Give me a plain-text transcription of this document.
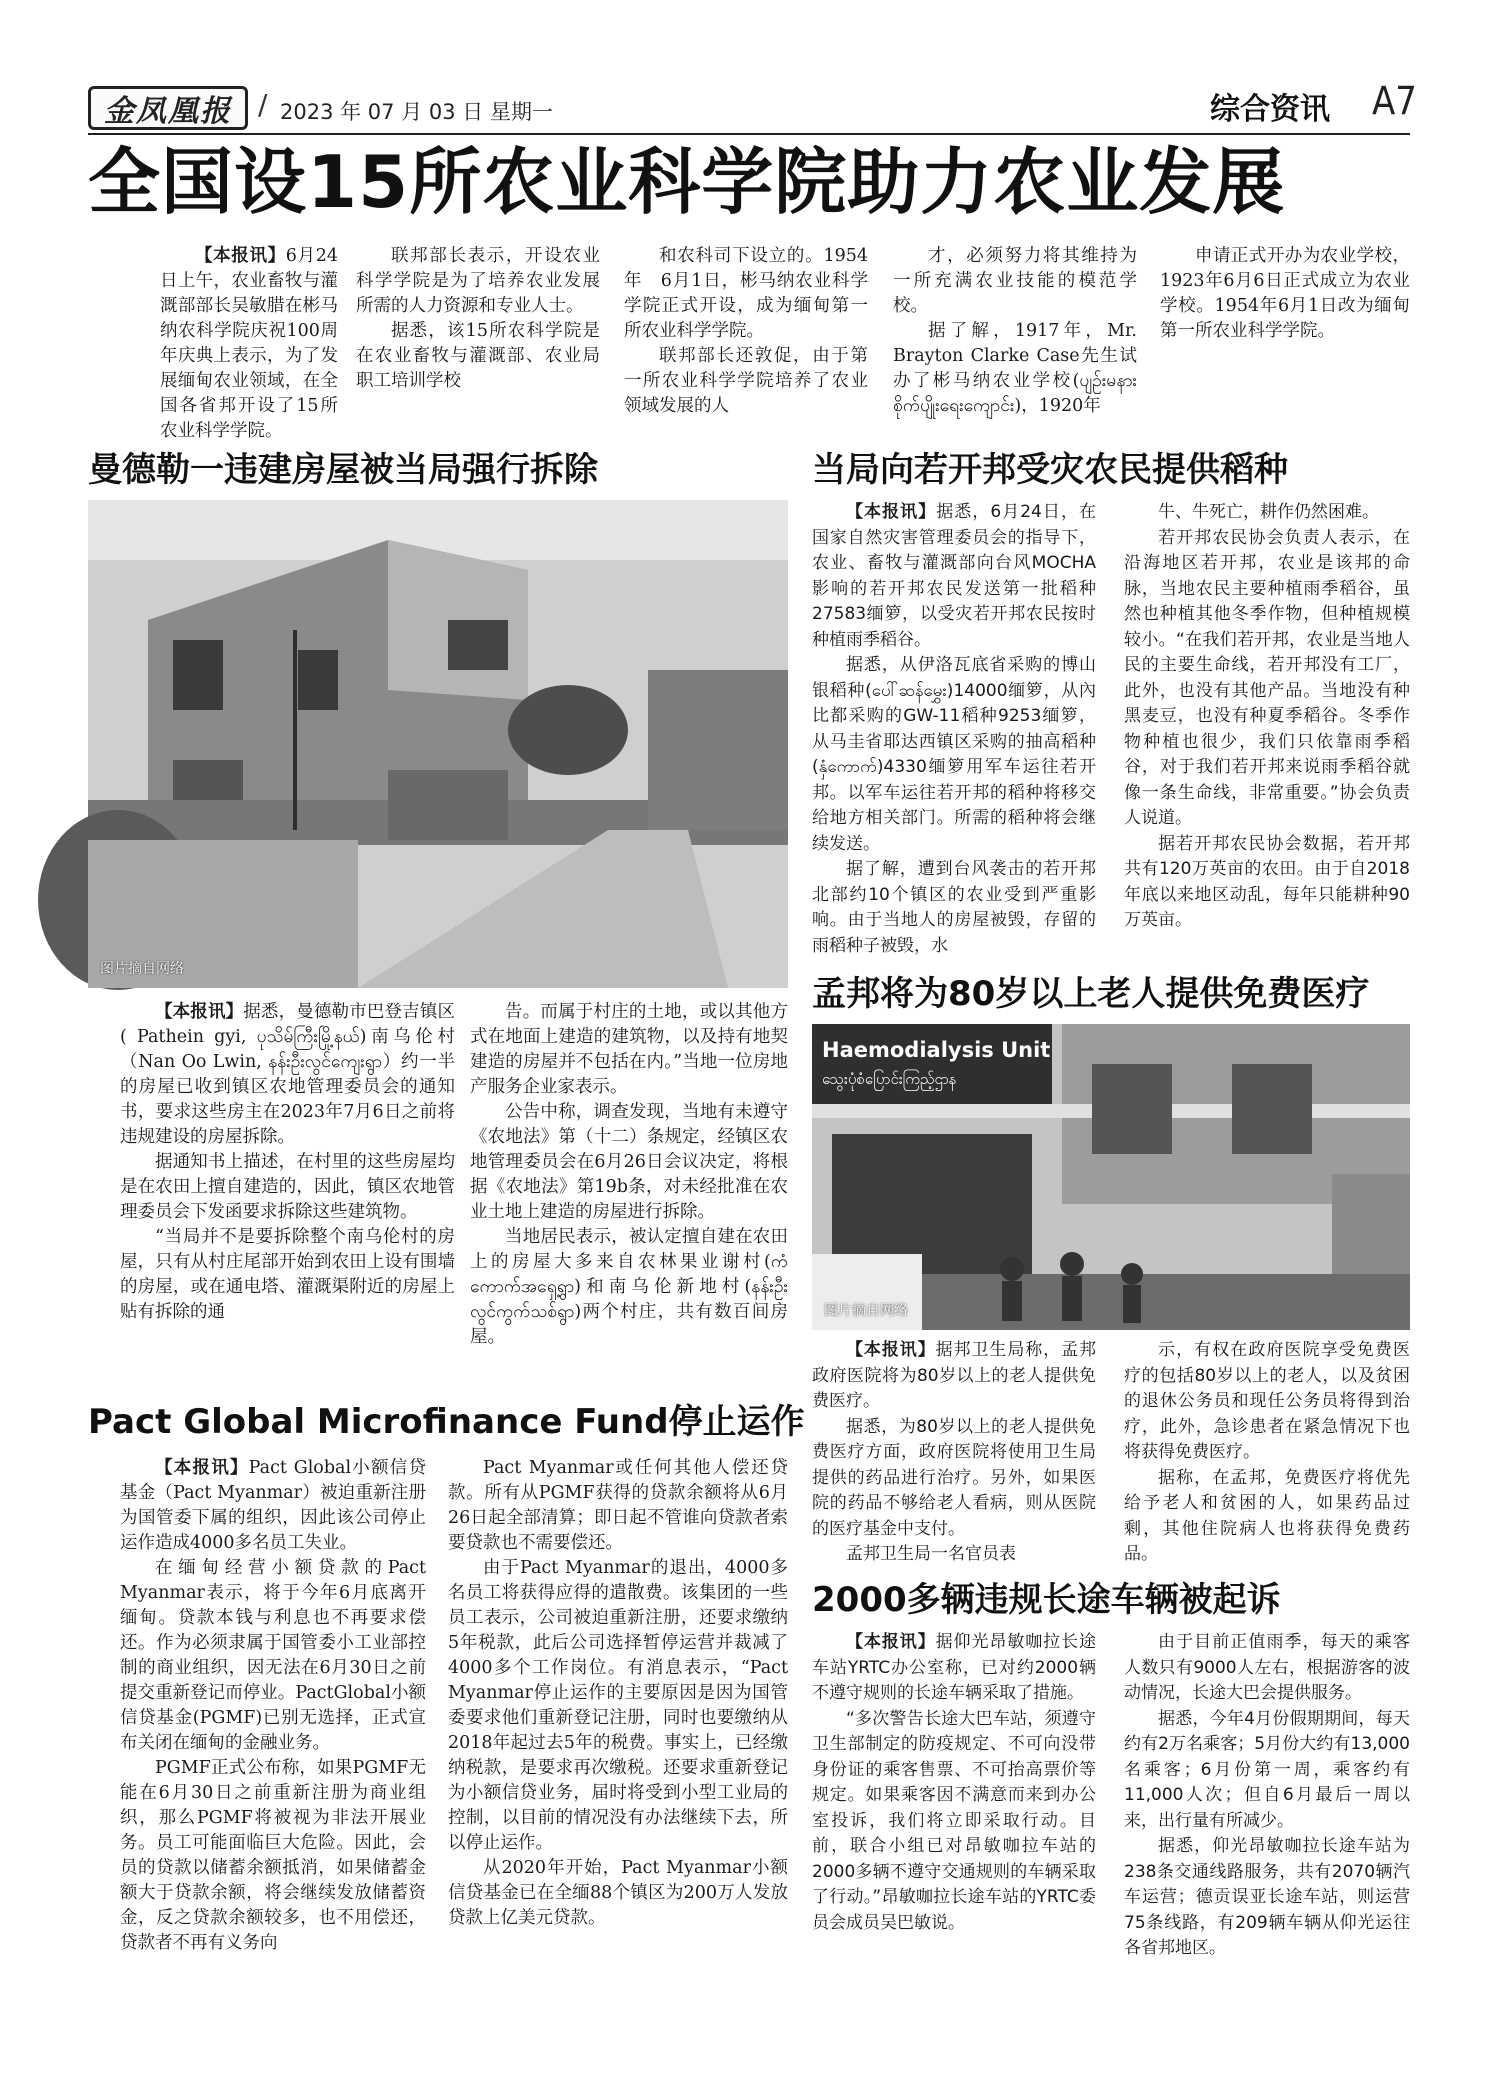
金凤凰报 / 2023 年 07 月 03 日 星期一	综合资讯 A7
全国设15所农业科学院助力农业发展

【本报讯】6月24日上午，农业畜牧与灌溉部部长吴敏腊在彬马纳农科学院庆祝100周年庆典上表示，为了发展缅甸农业领域，在全国各省邦开设了15所农业科学学院。

联邦部长表示，开设农业科学学院是为了培养农业发展所需的人力资源和专业人士。

据悉，该15所农科学院是在农业畜牧与灌溉部、农业局职工培训学校

和农科司下设立的。1954年　6月1日，彬马纳农业科学学院正式开设，成为缅甸第一所农业科学学院。

联邦部长还敦促，由于第一所农业科学学院培养了农业领域发展的人

才，必须努力将其维持为一所充满农业技能的模范学校。

据了解，1917年，Mr. Brayton Clarke Case先生试办了彬马纳农业学校(ပျဉ်းမနား စိုက်ပျိုးရေးကျောင်း)，1920年

申请正式开办为农业学校，1923年6月6日正式成立为农业学校。1954年6月1日改为缅甸第一所农业科学学院。

曼德勒一违建房屋被当局强行拆除
图片摘自网络

【本报讯】据悉，曼德勒市巴登吉镇区( Pathein gyi, ပုသိမ်ကြီးမြို့နယ်)南乌伦村（Nan Oo Lwin, နန်းဦးလွင်ကျေးရွာ）约一半的房屋已收到镇区农地管理委员会的通知书，要求这些房主在2023年7月6日之前将违规建设的房屋拆除。

据通知书上描述，在村里的这些房屋均是在农田上擅自建造的，因此，镇区农地管理委员会下发函要求拆除这些建筑物。

“当局并不是要拆除整个南乌伦村的房屋，只有从村庄尾部开始到农田上设有围墙的房屋，或在通电塔、灌溉渠附近的房屋上贴有拆除的通

告。而属于村庄的土地，或以其他方式在地面上建造的建筑物，以及持有地契建造的房屋并不包括在内。”当地一位房地产服务企业家表示。

公告中称，调查发现，当地有未遵守《农地法》第（十二）条规定，经镇区农地管理委员会在6月26日会议决定，将根据《农地法》第19b条，对未经批准在农业土地上建造的房屋进行拆除。

当地居民表示，被认定擅自建在农田上的房屋大多来自农林果业谢村(ကံကောက်အရှေ့ရွာ)和南乌伦新地村(နန်းဦးလွင်ကွက်သစ်ရွာ)两个村庄，共有数百间房屋。

当局向若开邦受灾农民提供稻种

【本报讯】据悉，6月24日，在国家自然灾害管理委员会的指导下，农业、畜牧与灌溉部向台风MOCHA影响的若开邦农民发送第一批稻种27583缅箩，以受灾若开邦农民按时种植雨季稻谷。

据悉，从伊洛瓦底省采购的博山银稻种(ပေါ်ဆန်မွှေး)14000缅箩，从內比都采购的GW-11稻种9253缅箩，从马圭省耶达西镇区采购的抽高稻种(နှံကောက်)4330缅箩用军车运往若开邦。以军车运往若开邦的稻种将移交给地方相关部门。所需的稻种将会继续发送。

据了解，遭到台风袭击的若开邦北部约10个镇区的农业受到严重影响。由于当地人的房屋被毁，存留的雨稻种子被毁，水

牛、牛死亡，耕作仍然困难。

若开邦农民协会负责人表示，在沿海地区若开邦，农业是该邦的命脉，当地农民主要种植雨季稻谷，虽然也种植其他冬季作物，但种植规模较小。“在我们若开邦，农业是当地人民的主要生命线，若开邦没有工厂，此外，也没有其他产品。当地没有种黑麦豆，也没有种夏季稻谷。冬季作物种植也很少，我们只依靠雨季稻谷，对于我们若开邦来说雨季稻谷就像一条生命线，非常重要。”协会负责人说道。

据若开邦农民协会数据，若开邦共有120万英亩的农田。由于自2018年底以来地区动乱，每年只能耕种90万英亩。

孟邦将为80岁以上老人提供免费医疗
Haemodialysis Unit
သွေးပုံစံပြောင်းကြည့်ဌာန
图片摘自网络

【本报讯】据邦卫生局称，孟邦政府医院将为80岁以上的老人提供免费医疗。

据悉，为80岁以上的老人提供免费医疗方面，政府医院将使用卫生局提供的药品进行治疗。另外，如果医院的药品不够给老人看病，则从医院的医疗基金中支付。

孟邦卫生局一名官员表

示，有权在政府医院享受免费医疗的包括80岁以上的老人，以及贫困的退休公务员和现任公务员将得到治疗，此外，急诊患者在紧急情况下也将获得免费医疗。

据称，在孟邦，免费医疗将优先给予老人和贫困的人，如果药品过剩，其他住院病人也将获得免费药品。

Pact Global Microfinance Fund停止运作

【本报讯】Pact Global小额信贷基金（Pact Myanmar）被迫重新注册为国管委下属的组织，因此该公司停止运作造成4000多名员工失业。

在缅甸经营小额贷款的Pact Myanmar表示，将于今年6月底离开缅甸。贷款本钱与利息也不再要求偿还。作为必须隶属于国管委小工业部控制的商业组织，因无法在6月30日之前提交重新登记而停业。PactGlobal小额信贷基金(PGMF)已别无选择，正式宣布关闭在缅甸的金融业务。

PGMF正式公布称，如果PGMF无能在6月30日之前重新注册为商业组织，那么PGMF将被视为非法开展业务。员工可能面临巨大危险。因此，会员的贷款以储蓄余额抵消，如果储蓄金额大于贷款余额，将会继续发放储蓄资金，反之贷款余额较多，也不用偿还，贷款者不再有义务向

Pact Myanmar或任何其他人偿还贷款。所有从PGMF获得的贷款余额将从6月26日起全部清算；即日起不管谁向贷款者索要贷款也不需要偿还。

由于Pact Myanmar的退出，4000多名员工将获得应得的遣散费。该集团的一些员工表示，公司被迫重新注册，还要求缴纳5年税款，此后公司选择暂停运营并裁减了4000多个工作岗位。有消息表示，“Pact Myanmar停止运作的主要原因是因为国管委要求他们重新登记注册，同时也要缴纳从2018年起过去5年的税费。事实上，已经缴纳税款，是要求再次缴税。还要求重新登记为小额信贷业务，届时将受到小型工业局的控制，以目前的情况没有办法继续下去，所以停止运作。

从2020年开始，Pact Myanmar小额信贷基金已在全缅88个镇区为200万人发放贷款上亿美元贷款。

2000多辆违规长途车辆被起诉

【本报讯】据仰光昂敏咖拉长途车站YRTC办公室称，已对约2000辆不遵守规则的长途车辆采取了措施。

“多次警告长途大巴车站，须遵守卫生部制定的防疫规定、不可向没带身份证的乘客售票、不可抬高票价等规定。如果乘客因不满意而来到办公室投诉，我们将立即采取行动。目前，联合小组已对昂敏咖拉车站的2000多辆不遵守交通规则的车辆采取了行动。”昂敏咖拉长途车站的YRTC委员会成员吴巴敏说。

由于目前正值雨季，每天的乘客人数只有9000人左右，根据游客的波动情况，长途大巴会提供服务。

据悉，今年4月份假期期间，每天约有2万名乘客；5月份大约有13,000名乘客；6月份第一周，乘客约有11,000人次；但自6月最后一周以来，出行量有所减少。

据悉，仰光昂敏咖拉长途车站为238条交通线路服务，共有2070辆汽车运营；德贡误亚长途车站，则运营75条线路，有209辆车辆从仰光运往各省邦地区。
